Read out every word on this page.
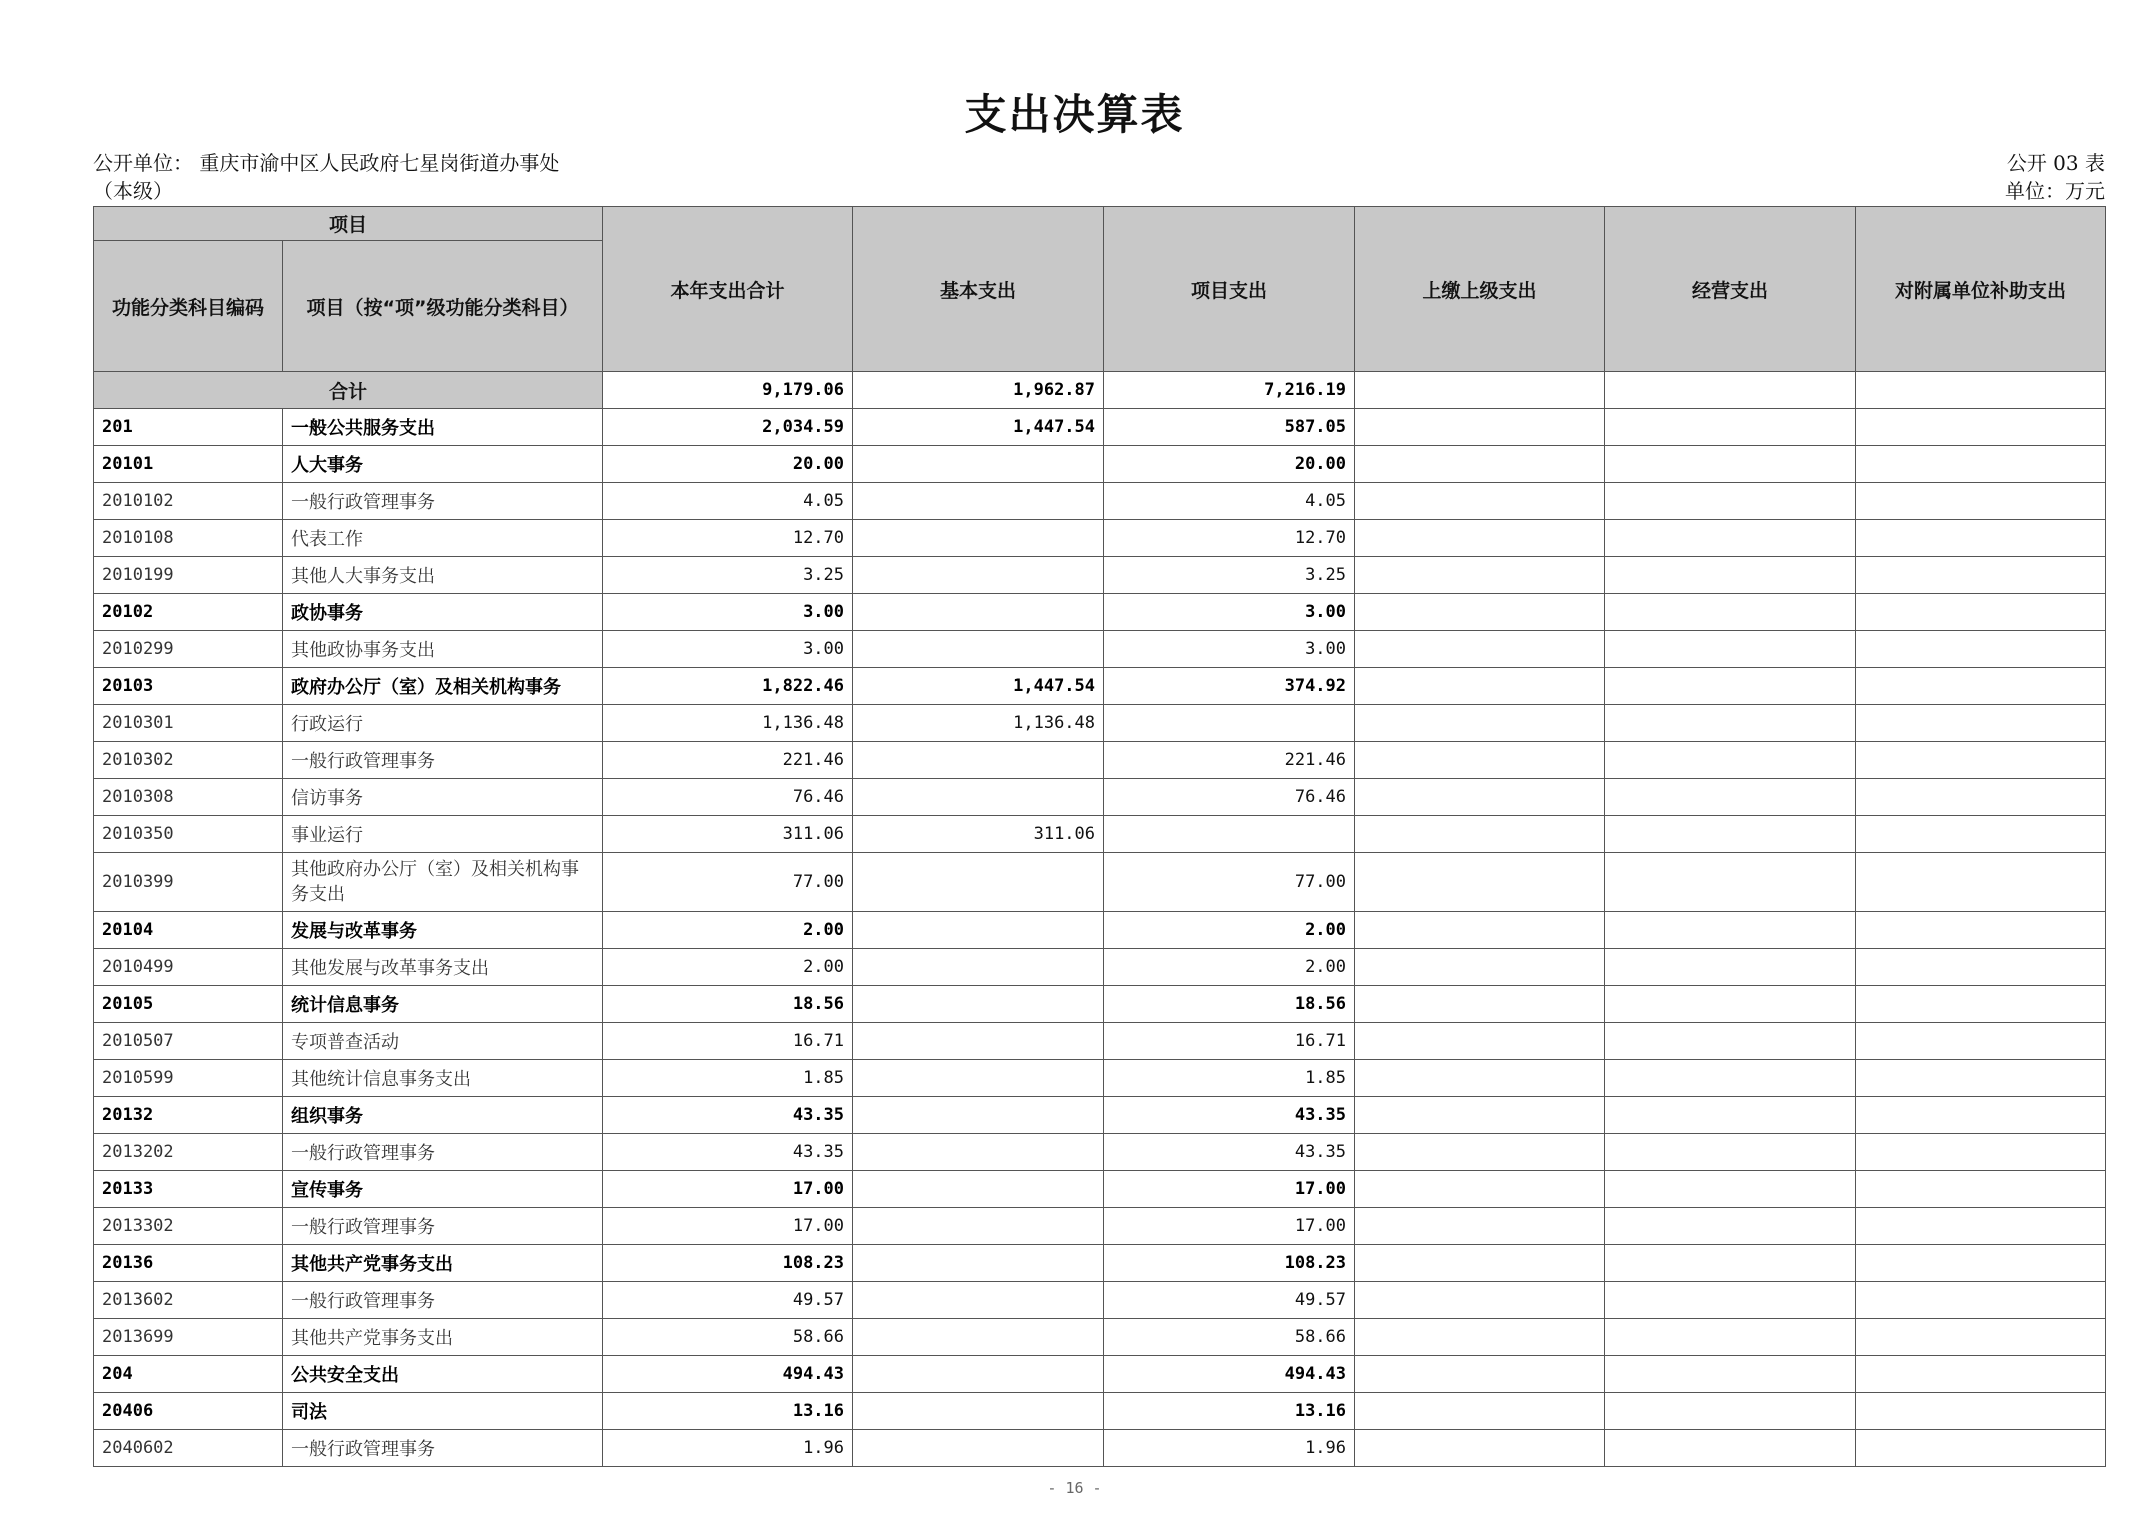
支出决算表
公开单位： 重庆市渝中区人民政府七星岗街道办事处
（本级）
公开 03 表
单位：万元
项目		本年支出合计	基本支出	项目支出	上缴上级支出	经营支出	对附属单位补助支出
功能分类科目编码	项目（按“项”级功能分类科目）						
合计		9,179.06	1,962.87	7,216.19			
201	一般公共服务支出	2,034.59	1,447.54	587.05			
20101	人大事务	20.00		20.00			
2010102	一般行政管理事务	4.05		4.05			
2010108	代表工作	12.70		12.70			
2010199	其他人大事务支出	3.25		3.25			
20102	政协事务	3.00		3.00			
2010299	其他政协事务支出	3.00		3.00			
20103	政府办公厅（室）及相关机构事务	1,822.46	1,447.54	374.92			
2010301	行政运行	1,136.48	1,136.48				
2010302	一般行政管理事务	221.46		221.46			
2010308	信访事务	76.46		76.46			
2010350	事业运行	311.06	311.06				
2010399	其他政府办公厅（室）及相关机构事务支出	77.00		77.00			
20104	发展与改革事务	2.00		2.00			
2010499	其他发展与改革事务支出	2.00		2.00			
20105	统计信息事务	18.56		18.56			
2010507	专项普查活动	16.71		16.71			
2010599	其他统计信息事务支出	1.85		1.85			
20132	组织事务	43.35		43.35			
2013202	一般行政管理事务	43.35		43.35			
20133	宣传事务	17.00		17.00			
2013302	一般行政管理事务	17.00		17.00			
20136	其他共产党事务支出	108.23		108.23			
2013602	一般行政管理事务	49.57		49.57			
2013699	其他共产党事务支出	58.66		58.66			
204	公共安全支出	494.43		494.43			
20406	司法	13.16		13.16			
2040602	一般行政管理事务	1.96		1.96			
- 16 -
